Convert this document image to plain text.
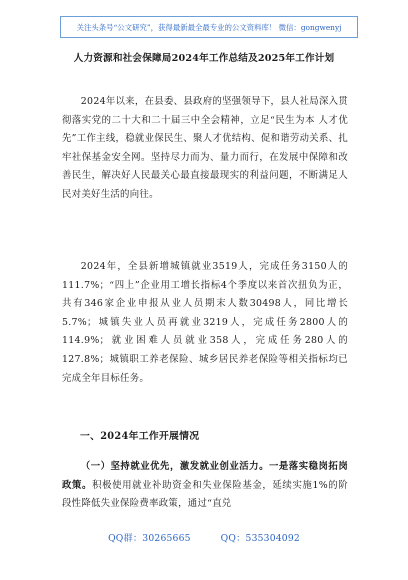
关注头条号“公文研究”，获得最新最全最专业的公文资料库！ 微信：gongwenyj
人力资源和社会保障局2024年工作总结及2025年工作计划

2024年以来，在县委、县政府的坚强领导下，县人社局深入贯彻落实党的二十大和二十届三中全会精神，立足“民生为本 人才优先”工作主线，稳就业保民生、聚人才优结构、促和谐劳动关系、扎牢社保基金安全网。坚持尽力而为、量力而行，在发展中保障和改善民生，解决好人民最关心最直接最现实的利益问题，不断满足人民对美好生活的向往。

2024年，全县新增城镇就业3519人，完成任务3150人的111.7%；“四上”企业用工增长指标4个季度以来首次扭负为正，共有346家企业申报从业人员期末人数30498人，同比增长5.7%；城镇失业人员再就业3219人，完成任务2800人的114.9%；就业困难人员就业358人，完成任务280人的127.8%；城镇职工养老保险、城乡居民养老保险等相关指标均已完成全年目标任务。

一、2024年工作开展情况

（一）坚持就业优先，激发就业创业活力。一是落实稳岗拓岗政策。积极使用就业补助资金和失业保险基金，延续实施1%的阶段性降低失业保险费率政策，通过“直兑

QQ群：30265665	QQ：535304092
